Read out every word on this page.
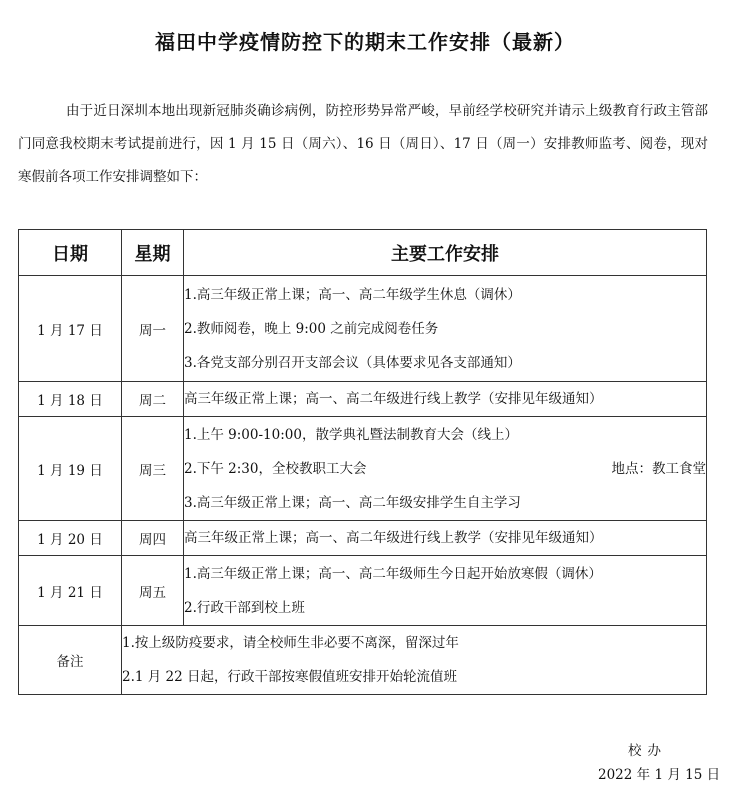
福田中学疫情防控下的期末工作安排（最新）
由于近日深圳本地出现新冠肺炎确诊病例，防控形势异常严峻，早前经学校研究并请示上级教育行政主管部门同意我校期末考试提前进行，因 1 月 15 日（周六）、16 日（周日）、17 日（周一）安排教师监考、阅卷，现对寒假前各项工作安排调整如下：
日期	星期	主要工作安排
1 月 17 日	周一	1.高三年级正常上课；高一、高二年级学生休息（调休）
2.教师阅卷，晚上 9:00 之前完成阅卷任务
3.各党支部分别召开支部会议（具体要求见各支部通知）

1 月 18 日	周二	高三年级正常上课；高一、高二年级进行线上教学（安排见年级通知）

1 月 19 日	周三	1.上午 9:00-10:00，散学典礼暨法制教育大会（线上）
2.下午 2:30，全校教职工大会 地点：教工食堂
3.高三年级正常上课；高一、高二年级安排学生自主学习

1 月 20 日	周四	高三年级正常上课；高一、高二年级进行线上教学（安排见年级通知）

1 月 21 日	周五	1.高三年级正常上课；高一、高二年级师生今日起开始放寒假（调休）
2.行政干部到校上班

备注	1.按上级防疫要求，请全校师生非必要不离深，留深过年
2.1 月 22 日起，行政干部按寒假值班安排开始轮流值班	
校办
2022 年 1 月 15 日
